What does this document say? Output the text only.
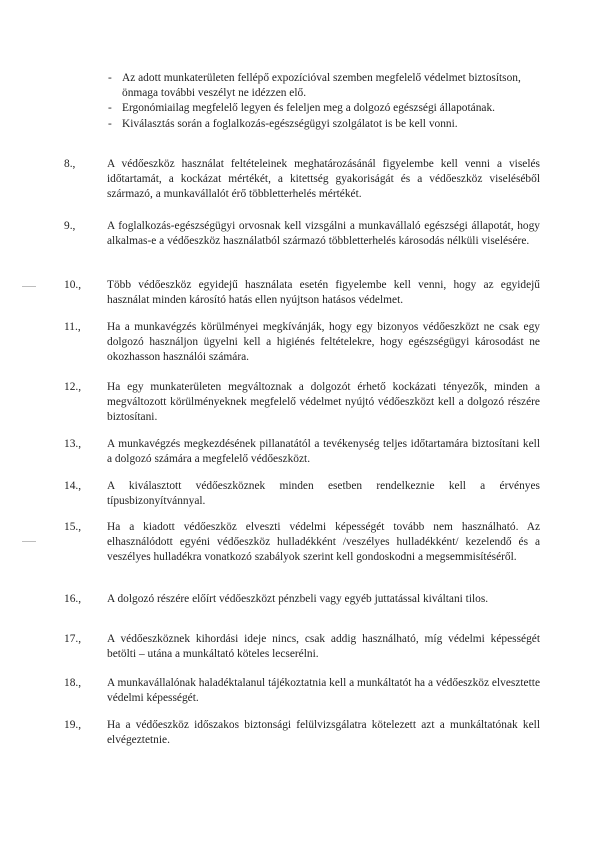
- Az adott munkaterületen fellépő expozícióval szemben megfelelő védelmet biztosítson, önmaga további veszélyt ne idézzen elő.

- Ergonómiailag megfelelő legyen és feleljen meg a dolgozó egészségi állapotának.

- Kiválasztás során a foglalkozás-egészségügyi szolgálatot is be kell vonni.

8.,	A védőeszköz használat feltételeinek meghatározásánál figyelembe kell venni a viselés időtartamát, a kockázat mértékét, a kitettség gyakoriságát és a védőeszköz viseléséből származó, a munkavállalót érő többletterhelés mértékét.
9.,	A foglalkozás-egészségügyi orvosnak kell vizsgálni a munkavállaló egészségi állapotát, hogy alkalmas-e a védőeszköz használatból származó többletterhelés károsodás nélküli viselésére.
10.,	Több védőeszköz egyidejű használata esetén figyelembe kell venni, hogy az egyidejű használat minden károsító hatás ellen nyújtson hatásos védelmet.
11.,	Ha a munkavégzés körülményei megkívánják, hogy egy bizonyos védőeszközt ne csak egy dolgozó használjon ügyelni kell a higiénés feltételekre, hogy egészségügyi károsodást ne okozhasson használói számára.
12.,	Ha egy munkaterületen megváltoznak a dolgozót érhető kockázati tényezők, minden a megváltozott körülményeknek megfelelő védelmet nyújtó védőeszközt kell a dolgozó részére biztosítani.
13.,	A munkavégzés megkezdésének pillanatától a tevékenység teljes időtartamára biztosítani kell a dolgozó számára a megfelelő védőeszközt.
14.,	A kiválasztott védőeszköznek minden esetben rendelkeznie kell a érvényes típusbizonyítvánnyal.
15.,	Ha a kiadott védőeszköz elveszti védelmi képességét tovább nem használható. Az elhasználódott egyéni védőeszköz hulladékként /veszélyes hulladékként/ kezelendő és a veszélyes hulladékra vonatkozó szabályok szerint kell gondoskodni a megsemmisítéséről.
16.,	A dolgozó részére előírt védőeszközt pénzbeli vagy egyéb juttatással kiváltani tilos.
17.,	A védőeszköznek kihordási ideje nincs, csak addig használható, míg védelmi képességét betölti – utána a munkáltató köteles lecserélni.
18.,	A munkavállalónak haladéktalanul tájékoztatnia kell a munkáltatót ha a védőeszköz elvesztette védelmi képességét.
19.,	Ha a védőeszköz időszakos biztonsági felülvizsgálatra kötelezett azt a munkáltatónak kell elvégeztetnie.
